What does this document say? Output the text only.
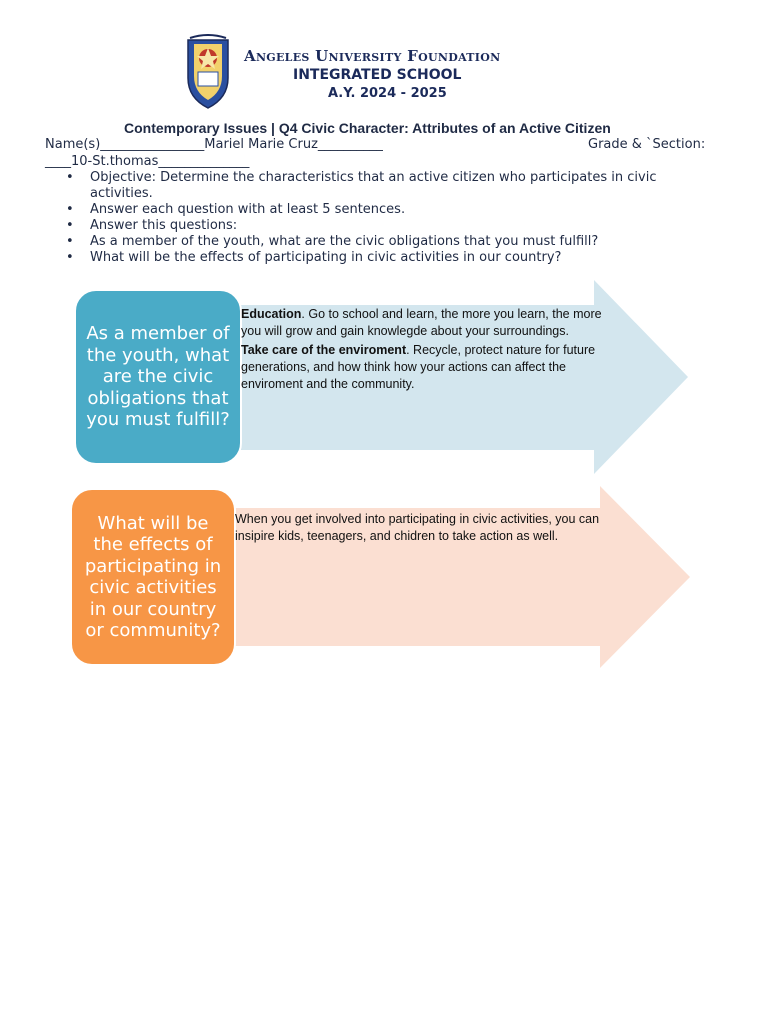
Angeles University Foundation
INTEGRATED SCHOOL
A.Y. 2024 - 2025
Contemporary Issues | Q4 Civic Character: Attributes of an Active Citizen
Name(s)________________Mariel Marie Cruz__________	Grade & `Section:
____10-St.thomas______________
• Objective: Determine the characteristics that an active citizen who participates in civic activities.
• Answer each question with at least 5 sentences.
• Answer this questions:
• As a member of the youth, what are the civic obligations that you must fulfill?
• What will be the effects of participating in civic activities in our country?
As a member of the youth, what are the civic obligations that you must fulfill?

Education. Go to school and learn, the more you learn, the more you will grow and gain knowlegde about your surroundings.

Take care of the enviroment. Recycle, protect nature for future generations, and how think how your actions can affect the enviroment and the community.

What will be the effects of participating in civic activities in our country or community?
When you get involved into participating in civic activities, you can insipire kids, teenagers, and chidren to take action as well.
